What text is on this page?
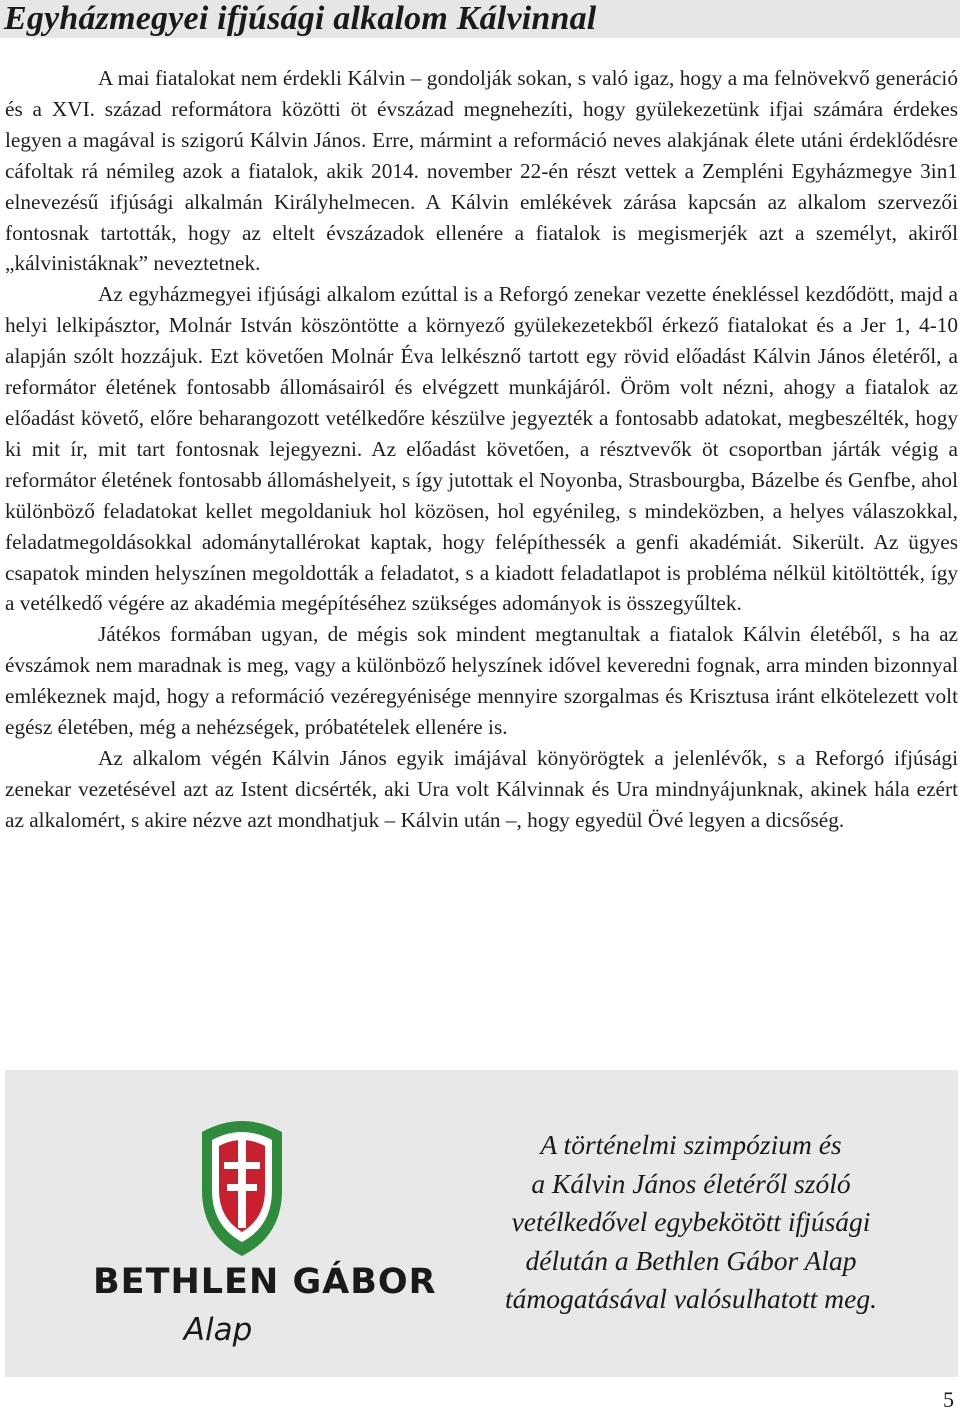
Egyházmegyei ifjúsági alkalom Kálvinnal

A mai fiatalokat nem érdekli Kálvin – gondolják sokan, s való igaz, hogy a ma felnövekvő generáció és a XVI. század reformátora közötti öt évszázad megnehezíti, hogy gyülekezetünk ifjai számára érdekes legyen a magával is szigorú Kálvin János. Erre, mármint a reformáció neves alakjának élete utáni érdeklődésre cáfoltak rá némileg azok a fiatalok, akik 2014. november 22-én részt vettek a Zempléni Egyházmegye 3in1 elnevezésű ifjúsági alkalmán Királyhelmecen. A Kálvin emlékévek zárása kapcsán az alkalom szervezői fontosnak tartották, hogy az eltelt évszázadok ellenére a fiatalok is megismerjék azt a személyt, akiről „kálvinistáknak” neveztetnek.

Az egyházmegyei ifjúsági alkalom ezúttal is a Reforgó zenekar vezette énekléssel kezdődött, majd a helyi lelkipásztor, Molnár István köszöntötte a környező gyülekezetekből érkező fiatalokat és a Jer 1, 4-10 alapján szólt hozzájuk. Ezt követően Molnár Éva lelkésznő tartott egy rövid előadást Kálvin János életéről, a reformátor életének fontosabb állomásairól és elvégzett munkájáról. Öröm volt nézni, ahogy a fiatalok az előadást követő, előre beharangozott vetélkedőre készülve jegyezték a fontosabb adatokat, megbeszélték, hogy ki mit ír, mit tart fontosnak lejegyezni. Az előadást követően, a résztvevők öt csoportban járták végig a reformátor életének fontosabb állomáshelyeit, s így jutottak el Noyonba, Strasbourgba, Bázelbe és Genfbe, ahol különböző feladatokat kellet megoldaniuk hol közösen, hol egyénileg, s mindeközben, a helyes válaszokkal, feladatmegoldásokkal adománytallérokat kaptak, hogy felépíthessék a genfi akadémiát. Sikerült. Az ügyes csapatok minden helyszínen megoldották a feladatot, s a kiadott feladatlapot is probléma nélkül kitöltötték, így a vetélkedő végére az akadémia megépítéséhez szükséges adományok is összegyűltek.

Játékos formában ugyan, de mégis sok mindent megtanultak a fiatalok Kálvin életéből, s ha az évszámok nem maradnak is meg, vagy a különböző helyszínek idővel keveredni fognak, arra minden bizonnyal emlékeznek majd, hogy a reformáció vezéregyénisége mennyire szorgalmas és Krisztusa iránt elkötelezett volt egész életében, még a nehézségek, próbatételek ellenére is.

Az alkalom végén Kálvin János egyik imájával könyörögtek a jelenlévők, s a Reforgó ifjúsági zenekar vezetésével azt az Istent dicsérték, aki Ura volt Kálvinnak és Ura mindnyájunknak, akinek hála ezért az alkalomért, s akire nézve azt mondhatjuk – Kálvin után –, hogy egyedül Övé legyen a dicsőség.

BETHLEN GÁBOR
Alap

A történelmi szimpózium és
a Kálvin János életéről szóló
vetélkedővel egybekötött ifjúsági
délután a Bethlen Gábor Alap
támogatásával valósulhatott meg.

5
